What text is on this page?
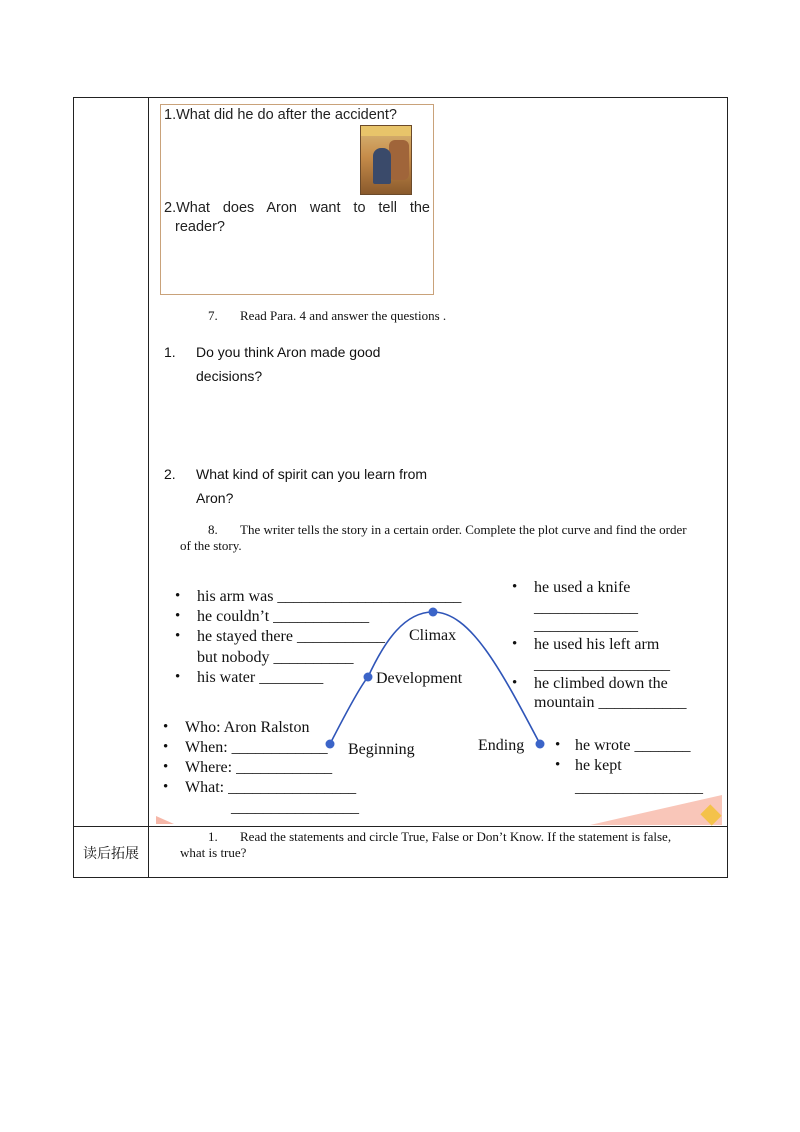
1.What did he do after the accident?
2.What does Aron want to tell the
reader?
7. Read Para. 4 and answer the questions .
1. Do you think Aron made good
decisions?
2. What kind of spirit can you learn from
Aron?
8. The writer tells the story in a certain order. Complete the plot curve and find the order
of the story.
Climax
Development
Beginning	Ending
• his arm was _______________________
• he couldn’t ____________
• he stayed there ___________
but nobody __________
• his water ________
• Who: Aron Ralston
• When: ____________
• Where: ____________
• What: ________________
________________
• he used a knife
_____________
_____________
• he used his left arm
_________________
• he climbed down the
mountain ___________
• he wrote _______
• he kept
________________
读后拓展
1. Read the statements and circle True, False or Don’t Know. If the statement is false,
what is true?
